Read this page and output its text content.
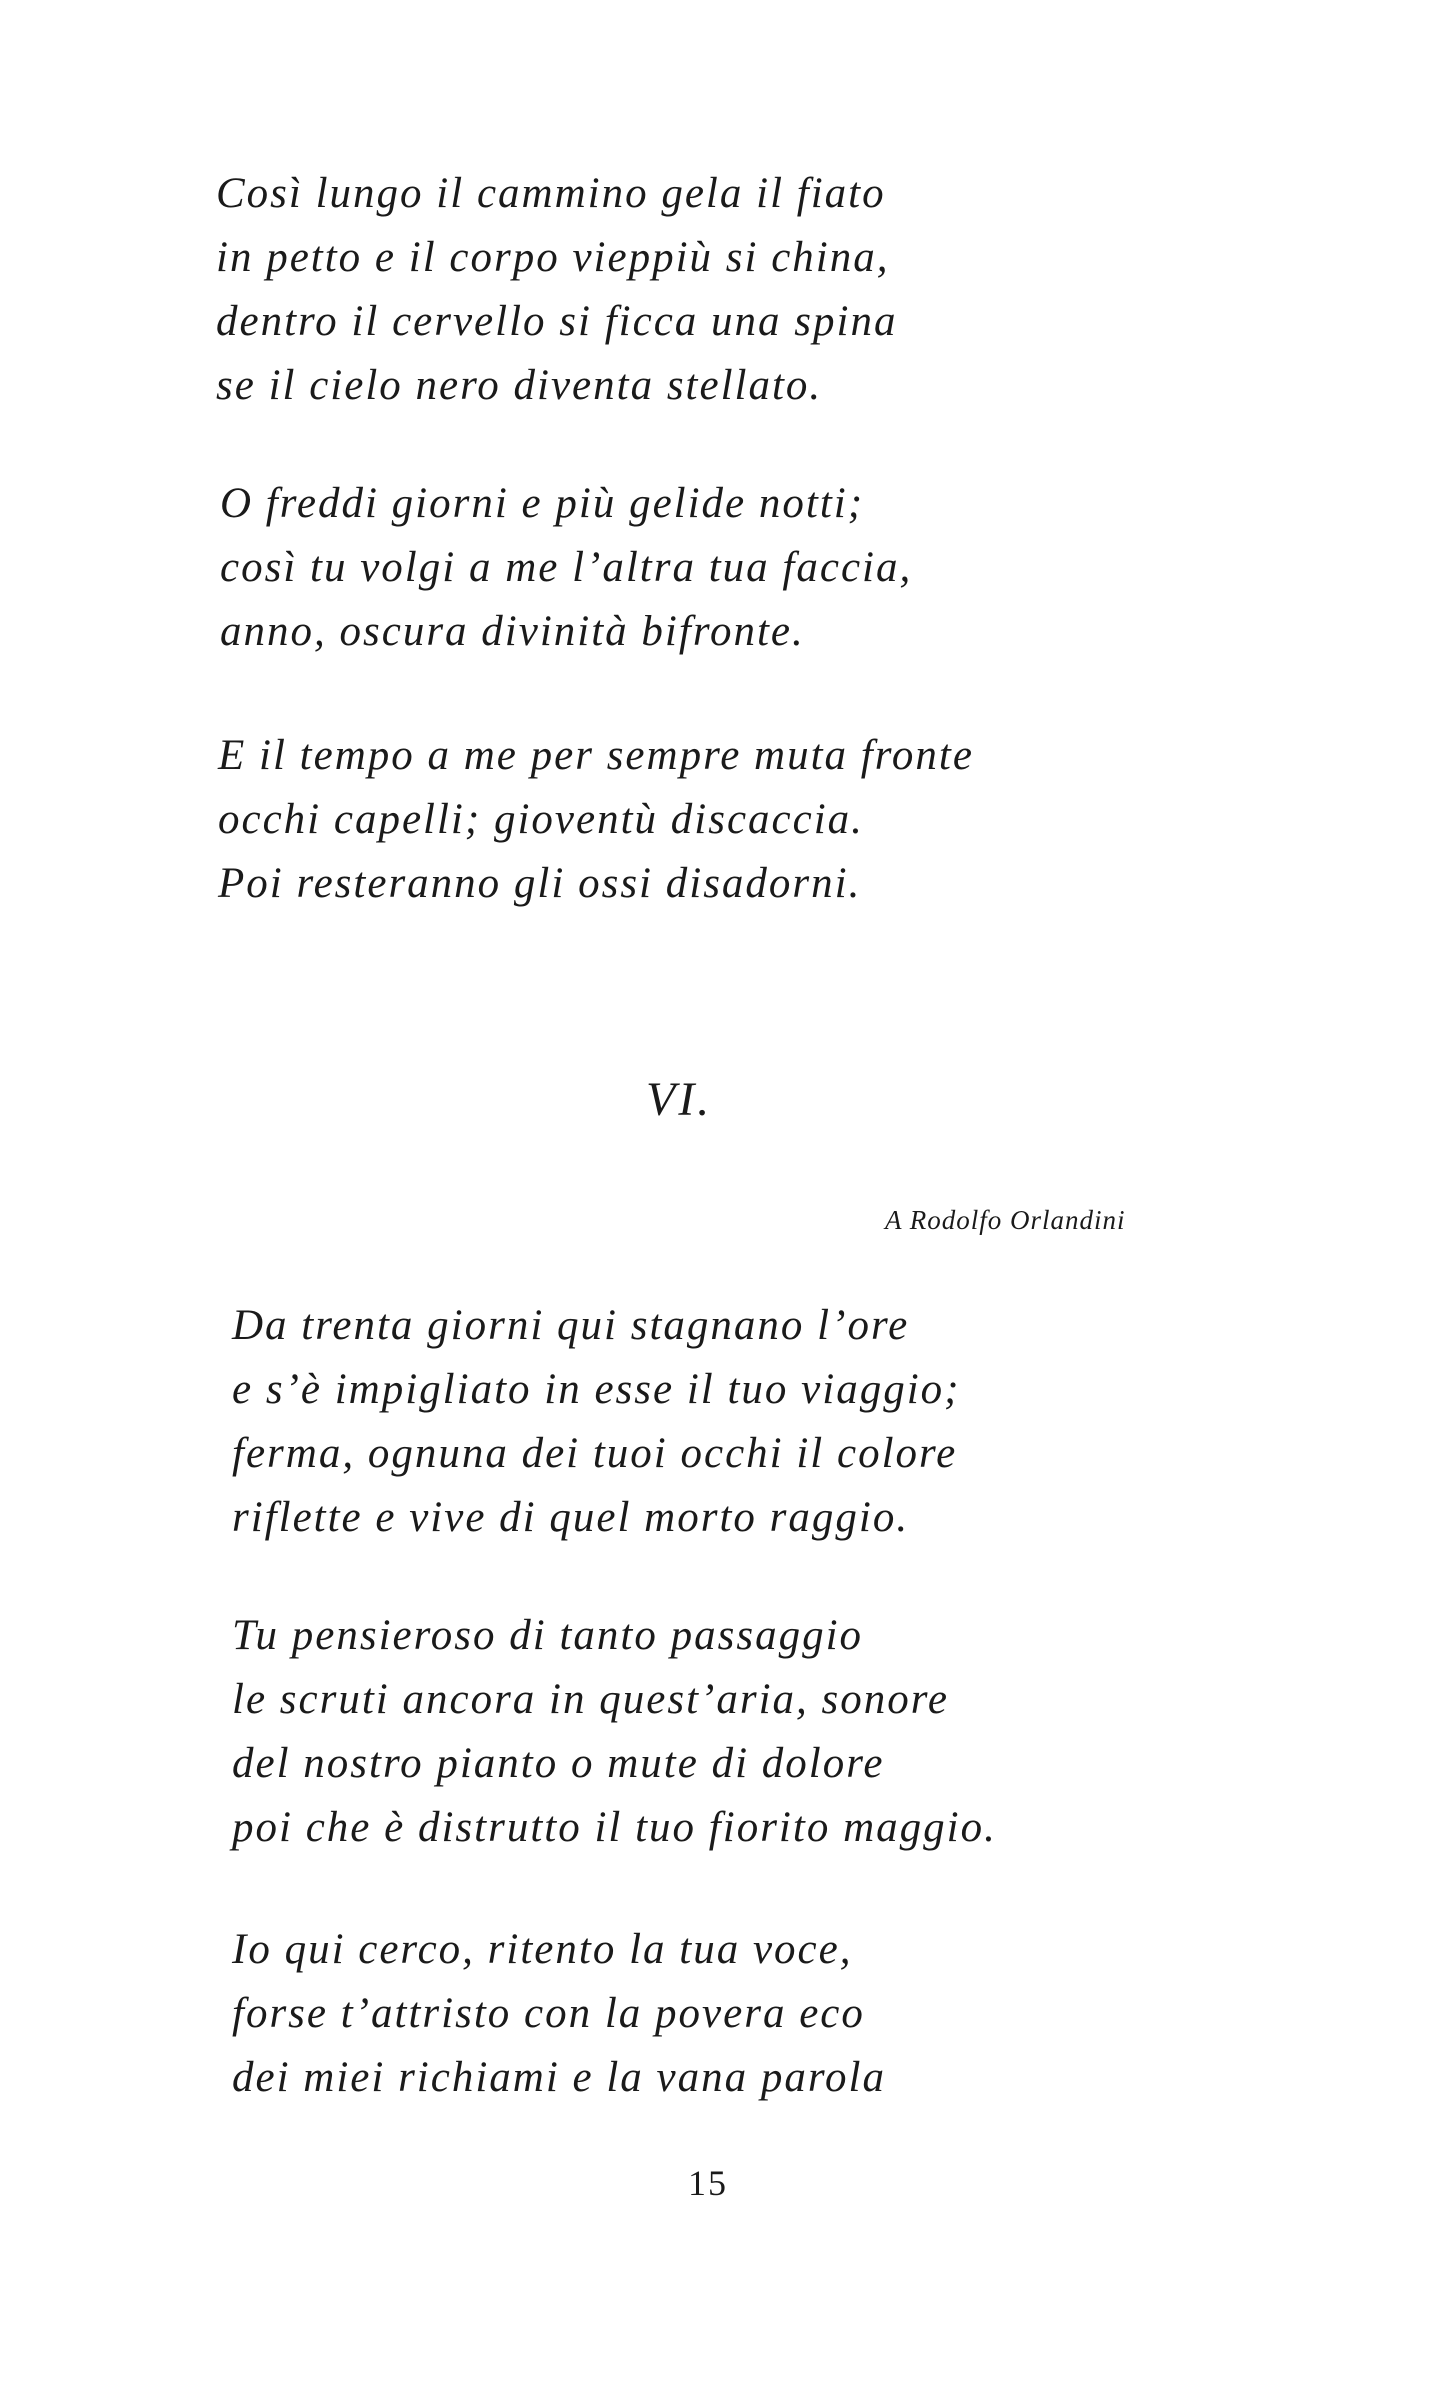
Così lungo il cammino gela il fiato
in petto e il corpo vieppiù si china,
dentro il cervello si ficca una spina
se il cielo nero diventa stellato.
O freddi giorni e più gelide notti;
così tu volgi a me l’altra tua faccia,
anno, oscura divinità bifronte.
E il tempo a me per sempre muta fronte
occhi capelli; gioventù discaccia.
Poi resteranno gli ossi disadorni.
VI.
A Rodolfo Orlandini
Da trenta giorni qui stagnano l’ore
e s’è impigliato in esse il tuo viaggio;
ferma, ognuna dei tuoi occhi il colore
riflette e vive di quel morto raggio.
Tu pensieroso di tanto passaggio
le scruti ancora in quest’aria, sonore
del nostro pianto o mute di dolore
poi che è distrutto il tuo fiorito maggio.
Io qui cerco, ritento la tua voce,
forse t’attristo con la povera eco
dei miei richiami e la vana parola
15
